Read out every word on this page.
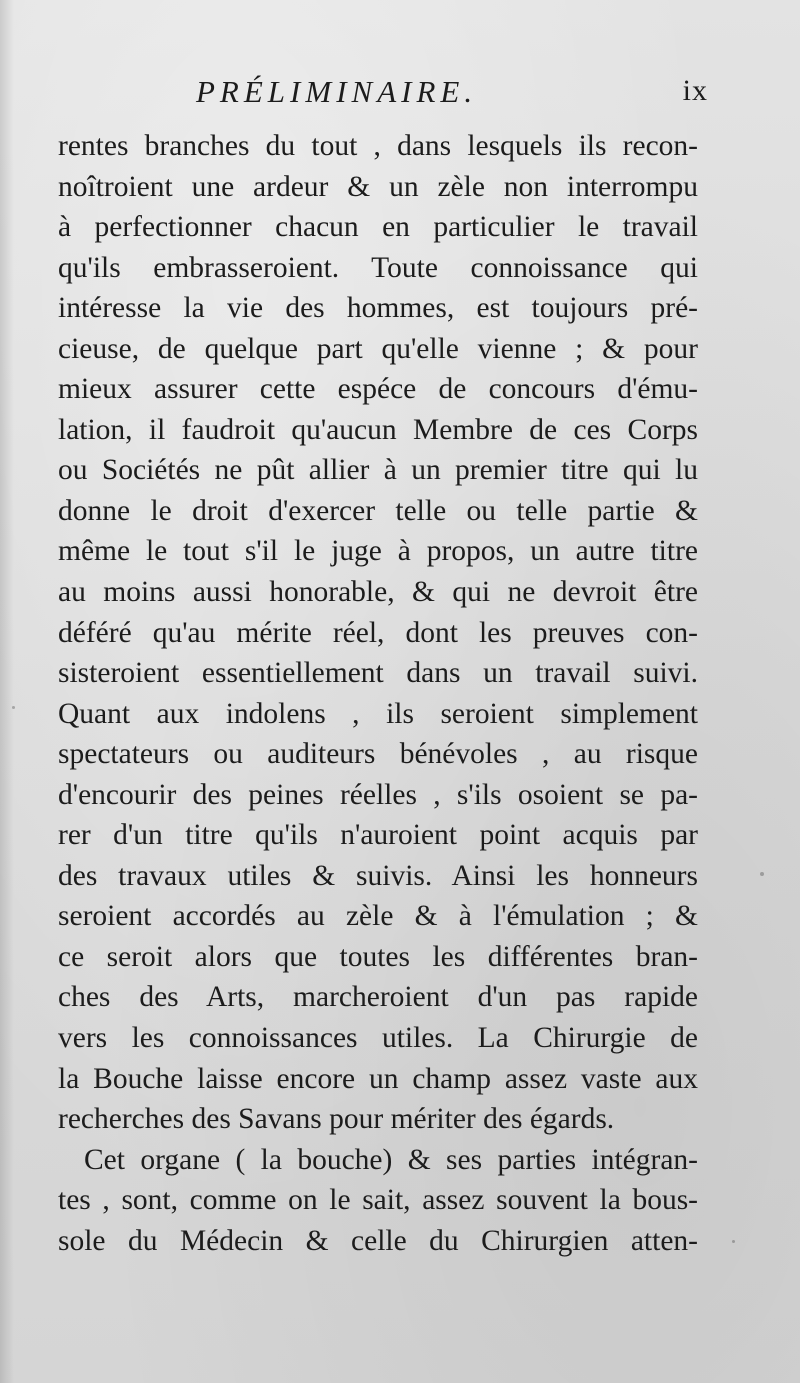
PRÉLIMINAIRE.	ix
rentes branches du tout , dans lesquels ils recon-
noîtroient une ardeur & un zèle non interrompu
à perfectionner chacun en particulier le travail
qu'ils embrasseroient. Toute connoissance qui
intéresse la vie des hommes, est toujours pré-
cieuse, de quelque part qu'elle vienne ; & pour
mieux assurer cette espéce de concours d'ému-
lation, il faudroit qu'aucun Membre de ces Corps
ou Sociétés ne pût allier à un premier titre qui lu
donne le droit d'exercer telle ou telle partie &
même le tout s'il le juge à propos, un autre titre
au moins aussi honorable, & qui ne devroit être
déféré qu'au mérite réel, dont les preuves con-
sisteroient essentiellement dans un travail suivi.
Quant aux indolens , ils seroient simplement
spectateurs ou auditeurs bénévoles , au risque
d'encourir des peines réelles , s'ils osoient se pa-
rer d'un titre qu'ils n'auroient point acquis par
des travaux utiles & suivis. Ainsi les honneurs
seroient accordés au zèle & à l'émulation ; &
ce seroit alors que toutes les différentes bran-
ches des Arts, marcheroient d'un pas rapide
vers les connoissances utiles. La Chirurgie de
la Bouche laisse encore un champ assez vaste aux
recherches des Savans pour mériter des égards.
Cet organe ( la bouche) & ses parties intégran-
tes , sont, comme on le sait, assez souvent la bous-
sole du Médecin & celle du Chirurgien atten-
